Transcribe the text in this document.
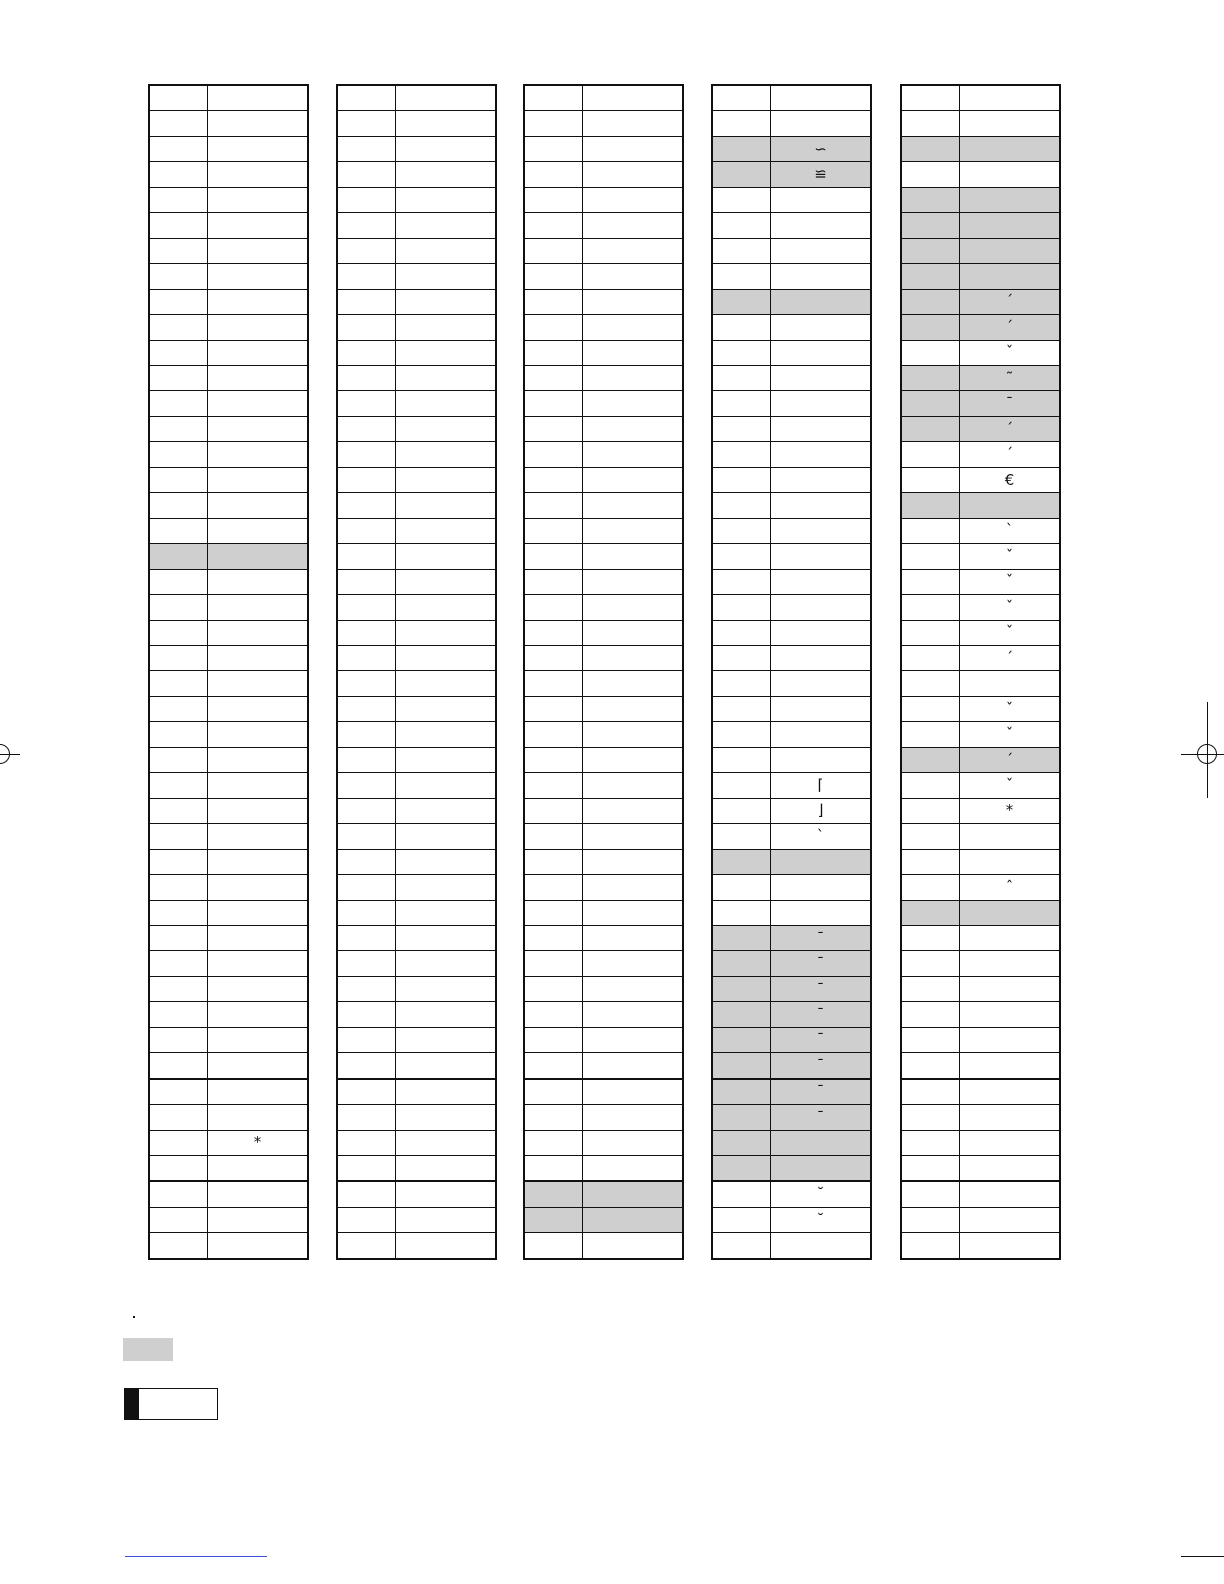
*
∽
≌
⌈
⌋
ˋ
ˉ
ˉ
ˉ
ˉ
ˉ
ˉ
ˉ
ˉ
˘
˘
ˊ
ˊ
ˇ
˜
ˉ
ˊ
ˊ
€
ˋ
ˇ
ˇ
ˇ
ˇ
ˊ
ˇ
ˇ
ˊ
ˇ
*
ˆ
